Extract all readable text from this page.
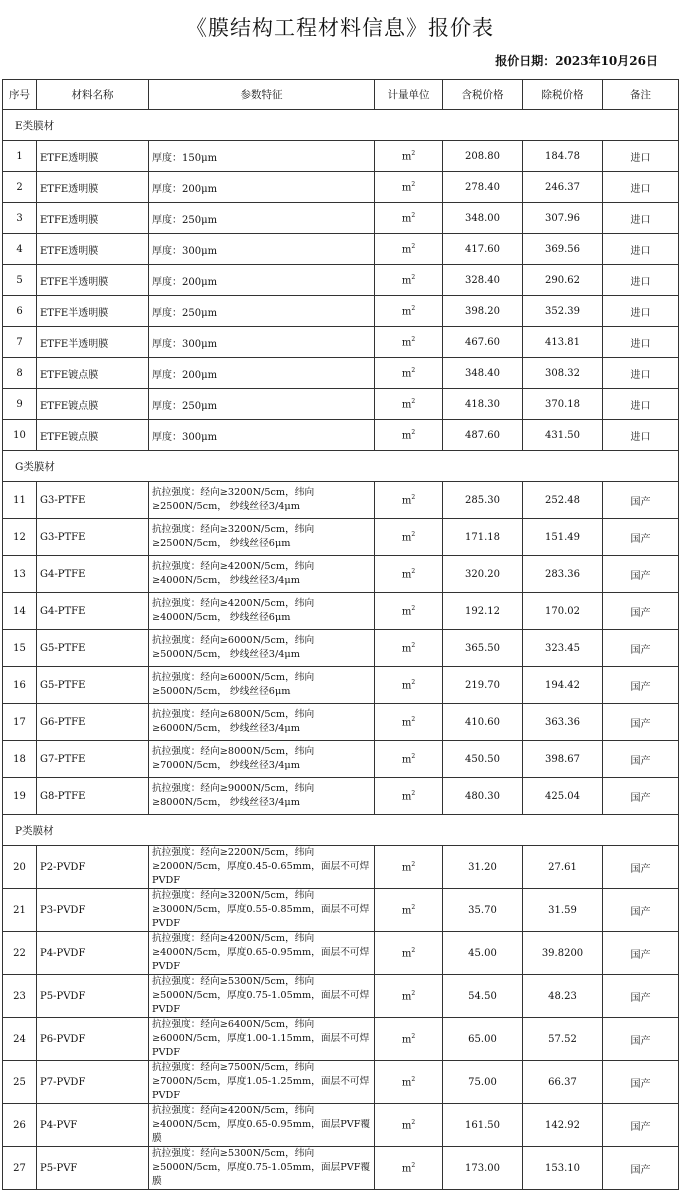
《膜结构工程材料信息》报价表
报价日期：2023年10月26日
序号	材料名称	参数特征	计量单位	含税价格	除税价格	备注
E类膜材						
1	ETFE透明膜	厚度：150μm	$m^2$	208.80	184.78	进口
2	ETFE透明膜	厚度：200μm	$m^2$	278.40	246.37	进口
3	ETFE透明膜	厚度：250μm	$m^2$	348.00	307.96	进口
4	ETFE透明膜	厚度：300μm	$m^2$	417.60	369.56	进口
5	ETFE半透明膜	厚度：200μm	$m^2$	328.40	290.62	进口
6	ETFE半透明膜	厚度：250μm	$m^2$	398.20	352.39	进口
7	ETFE半透明膜	厚度：300μm	$m^2$	467.60	413.81	进口
8	ETFE镀点膜	厚度：200μm	$m^2$	348.40	308.32	进口
9	ETFE镀点膜	厚度：250μm	$m^2$	418.30	370.18	进口
10	ETFE镀点膜	厚度：300μm	$m^2$	487.60	431.50	进口
G类膜材						
11	G3-PTFE	抗拉强度：经向≥3200N/5cm，纬向≥2500N/5cm， 纱线丝径3/4μm	$m^2$	285.30	252.48	国产
12	G3-PTFE	抗拉强度：经向≥3200N/5cm，纬向≥2500N/5cm， 纱线丝径6μm	$m^2$	171.18	151.49	国产
13	G4-PTFE	抗拉强度：经向≥4200N/5cm，纬向≥4000N/5cm， 纱线丝径3/4μm	$m^2$	320.20	283.36	国产
14	G4-PTFE	抗拉强度：经向≥4200N/5cm，纬向≥4000N/5cm， 纱线丝径6μm	$m^2$	192.12	170.02	国产
15	G5-PTFE	抗拉强度：经向≥6000N/5cm，纬向≥5000N/5cm， 纱线丝径3/4μm	$m^2$	365.50	323.45	国产
16	G5-PTFE	抗拉强度：经向≥6000N/5cm，纬向≥5000N/5cm， 纱线丝径6μm	$m^2$	219.70	194.42	国产
17	G6-PTFE	抗拉强度：经向≥6800N/5cm，纬向≥6000N/5cm， 纱线丝径3/4μm	$m^2$	410.60	363.36	国产
18	G7-PTFE	抗拉强度：经向≥8000N/5cm，纬向≥7000N/5cm， 纱线丝径3/4μm	$m^2$	450.50	398.67	国产
19	G8-PTFE	抗拉强度：经向≥9000N/5cm，纬向≥8000N/5cm， 纱线丝径3/4μm	$m^2$	480.30	425.04	国产
P类膜材						
20	P2-PVDF	抗拉强度：经向≥2200N/5cm，纬向≥2000N/5cm，厚度0.45-0.65mm，面层不可焊PVDF	$m^2$	31.20	27.61	国产
21	P3-PVDF	抗拉强度：经向≥3200N/5cm，纬向≥3000N/5cm，厚度0.55-0.85mm，面层不可焊PVDF	$m^2$	35.70	31.59	国产
22	P4-PVDF	抗拉强度：经向≥4200N/5cm，纬向≥4000N/5cm，厚度0.65-0.95mm，面层不可焊PVDF	$m^2$	45.00	39.8200	国产
23	P5-PVDF	抗拉强度：经向≥5300N/5cm，纬向≥5000N/5cm，厚度0.75-1.05mm，面层不可焊PVDF	$m^2$	54.50	48.23	国产
24	P6-PVDF	抗拉强度：经向≥6400N/5cm，纬向≥6000N/5cm，厚度1.00-1.15mm，面层不可焊PVDF	$m^2$	65.00	57.52	国产
25	P7-PVDF	抗拉强度：经向≥7500N/5cm，纬向≥7000N/5cm，厚度1.05-1.25mm，面层不可焊PVDF	$m^2$	75.00	66.37	国产
26	P4-PVF	抗拉强度：经向≥4200N/5cm，纬向≥4000N/5cm，厚度0.65-0.95mm，面层PVF覆膜	$m^2$	161.50	142.92	国产
27	P5-PVF	抗拉强度：经向≥5300N/5cm，纬向≥5000N/5cm，厚度0.75-1.05mm，面层PVF覆膜	$m^2$	173.00	153.10	国产
